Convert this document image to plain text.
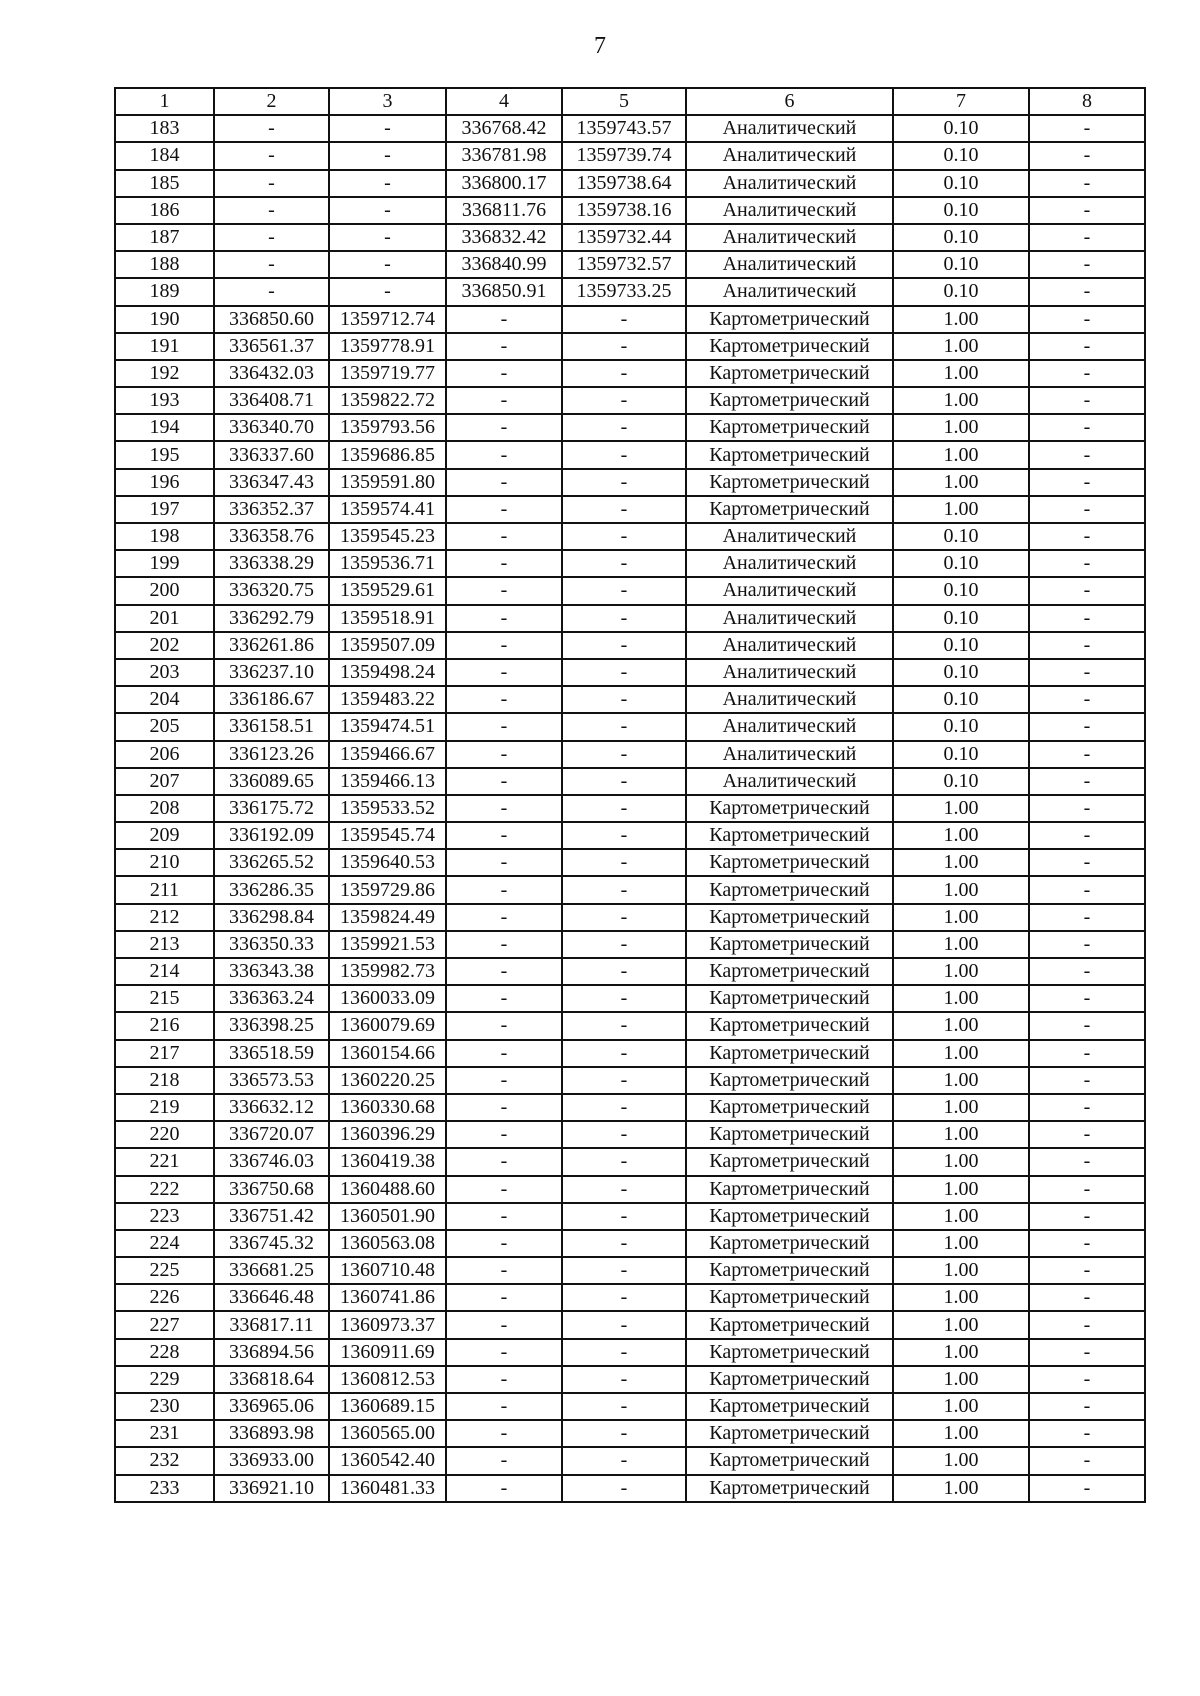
7
1	2	3	4	5	6	7	8
183	-	-	336768.42	1359743.57	Аналитический	0.10	-
184	-	-	336781.98	1359739.74	Аналитический	0.10	-
185	-	-	336800.17	1359738.64	Аналитический	0.10	-
186	-	-	336811.76	1359738.16	Аналитический	0.10	-
187	-	-	336832.42	1359732.44	Аналитический	0.10	-
188	-	-	336840.99	1359732.57	Аналитический	0.10	-
189	-	-	336850.91	1359733.25	Аналитический	0.10	-
190	336850.60	1359712.74	-	-	Картометрический	1.00	-
191	336561.37	1359778.91	-	-	Картометрический	1.00	-
192	336432.03	1359719.77	-	-	Картометрический	1.00	-
193	336408.71	1359822.72	-	-	Картометрический	1.00	-
194	336340.70	1359793.56	-	-	Картометрический	1.00	-
195	336337.60	1359686.85	-	-	Картометрический	1.00	-
196	336347.43	1359591.80	-	-	Картометрический	1.00	-
197	336352.37	1359574.41	-	-	Картометрический	1.00	-
198	336358.76	1359545.23	-	-	Аналитический	0.10	-
199	336338.29	1359536.71	-	-	Аналитический	0.10	-
200	336320.75	1359529.61	-	-	Аналитический	0.10	-
201	336292.79	1359518.91	-	-	Аналитический	0.10	-
202	336261.86	1359507.09	-	-	Аналитический	0.10	-
203	336237.10	1359498.24	-	-	Аналитический	0.10	-
204	336186.67	1359483.22	-	-	Аналитический	0.10	-
205	336158.51	1359474.51	-	-	Аналитический	0.10	-
206	336123.26	1359466.67	-	-	Аналитический	0.10	-
207	336089.65	1359466.13	-	-	Аналитический	0.10	-
208	336175.72	1359533.52	-	-	Картометрический	1.00	-
209	336192.09	1359545.74	-	-	Картометрический	1.00	-
210	336265.52	1359640.53	-	-	Картометрический	1.00	-
211	336286.35	1359729.86	-	-	Картометрический	1.00	-
212	336298.84	1359824.49	-	-	Картометрический	1.00	-
213	336350.33	1359921.53	-	-	Картометрический	1.00	-
214	336343.38	1359982.73	-	-	Картометрический	1.00	-
215	336363.24	1360033.09	-	-	Картометрический	1.00	-
216	336398.25	1360079.69	-	-	Картометрический	1.00	-
217	336518.59	1360154.66	-	-	Картометрический	1.00	-
218	336573.53	1360220.25	-	-	Картометрический	1.00	-
219	336632.12	1360330.68	-	-	Картометрический	1.00	-
220	336720.07	1360396.29	-	-	Картометрический	1.00	-
221	336746.03	1360419.38	-	-	Картометрический	1.00	-
222	336750.68	1360488.60	-	-	Картометрический	1.00	-
223	336751.42	1360501.90	-	-	Картометрический	1.00	-
224	336745.32	1360563.08	-	-	Картометрический	1.00	-
225	336681.25	1360710.48	-	-	Картометрический	1.00	-
226	336646.48	1360741.86	-	-	Картометрический	1.00	-
227	336817.11	1360973.37	-	-	Картометрический	1.00	-
228	336894.56	1360911.69	-	-	Картометрический	1.00	-
229	336818.64	1360812.53	-	-	Картометрический	1.00	-
230	336965.06	1360689.15	-	-	Картометрический	1.00	-
231	336893.98	1360565.00	-	-	Картометрический	1.00	-
232	336933.00	1360542.40	-	-	Картометрический	1.00	-
233	336921.10	1360481.33	-	-	Картометрический	1.00	-
